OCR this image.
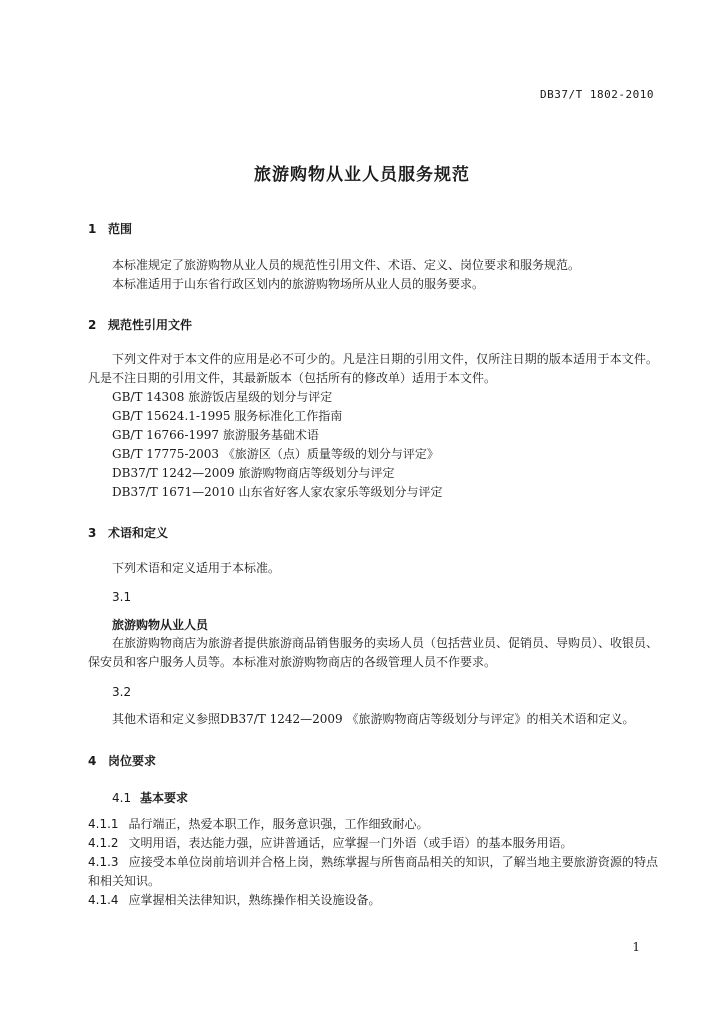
DB37/T 1802-2010
旅游购物从业人员服务规范
1 范围
本标准规定了旅游购物从业人员的规范性引用文件、术语、定义、岗位要求和服务规范。
本标准适用于山东省行政区划内的旅游购物场所从业人员的服务要求。
2 规范性引用文件
下列文件对于本文件的应用是必不可少的。凡是注日期的引用文件，仅所注日期的版本适用于本文件。凡是不注日期的引用文件，其最新版本（包括所有的修改单）适用于本文件。
GB/T 14308 旅游饭店星级的划分与评定
GB/T 15624.1-1995 服务标准化工作指南
GB/T 16766-1997 旅游服务基础术语
GB/T 17775-2003 《旅游区（点）质量等级的划分与评定》
DB37/T 1242—2009 旅游购物商店等级划分与评定
DB37/T 1671—2010 山东省好客人家农家乐等级划分与评定
3 术语和定义
下列术语和定义适用于本标准。
3.1
旅游购物从业人员
在旅游购物商店为旅游者提供旅游商品销售服务的卖场人员（包括营业员、促销员、导购员）、收银员、保安员和客户服务人员等。本标准对旅游购物商店的各级管理人员不作要求。
3.2
其他术语和定义参照DB37/T 1242—2009 《旅游购物商店等级划分与评定》的相关术语和定义。
4 岗位要求
4.1 基本要求
4.1.1 品行端正，热爱本职工作，服务意识强，工作细致耐心。
4.1.2 文明用语，表达能力强，应讲普通话，应掌握一门外语（或手语）的基本服务用语。
4.1.3 应接受本单位岗前培训并合格上岗，熟练掌握与所售商品相关的知识，了解当地主要旅游资源的特点和相关知识。
4.1.4 应掌握相关法律知识，熟练操作相关设施设备。
1
